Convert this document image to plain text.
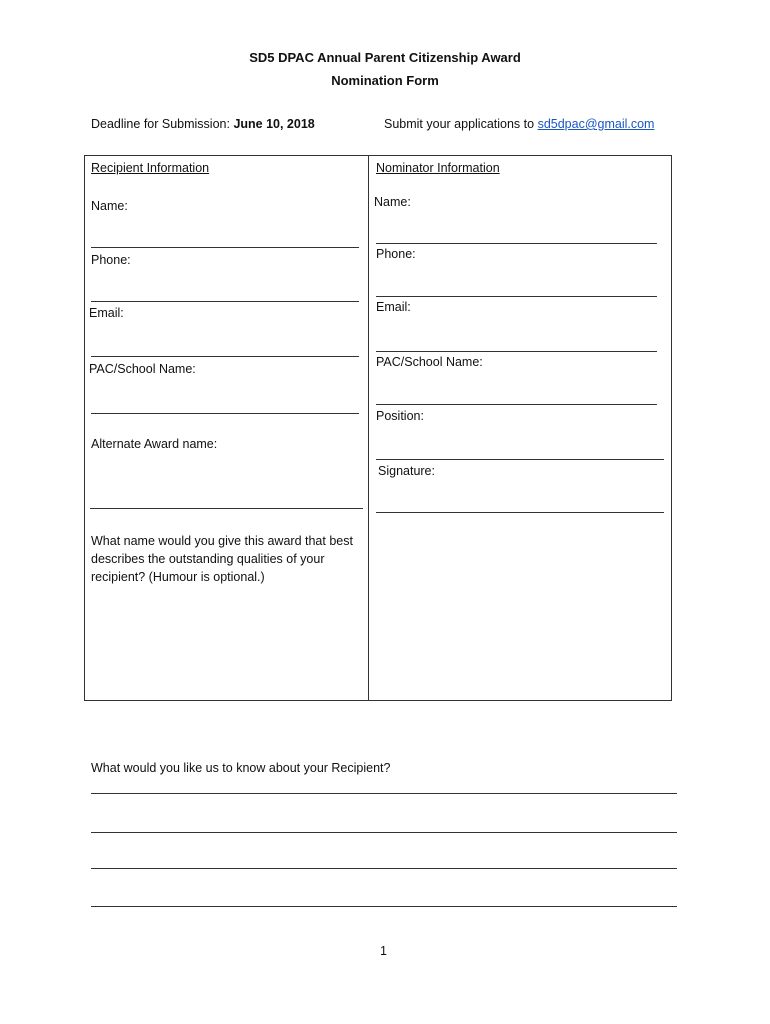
SD5 DPAC Annual Parent Citizenship Award
Nomination Form
Deadline for Submission: June 10, 2018	Submit your applications to sd5dpac@gmail.com
Recipient Information
Name:
Phone:
Email:
PAC/School Name:
Alternate Award name:
What name would you give this award that best describes the outstanding qualities of your recipient? (Humour is optional.)
Nominator Information
Name:
Phone:
Email:
PAC/School Name:
Position:
Signature:
What would you like us to know about your Recipient?
1
